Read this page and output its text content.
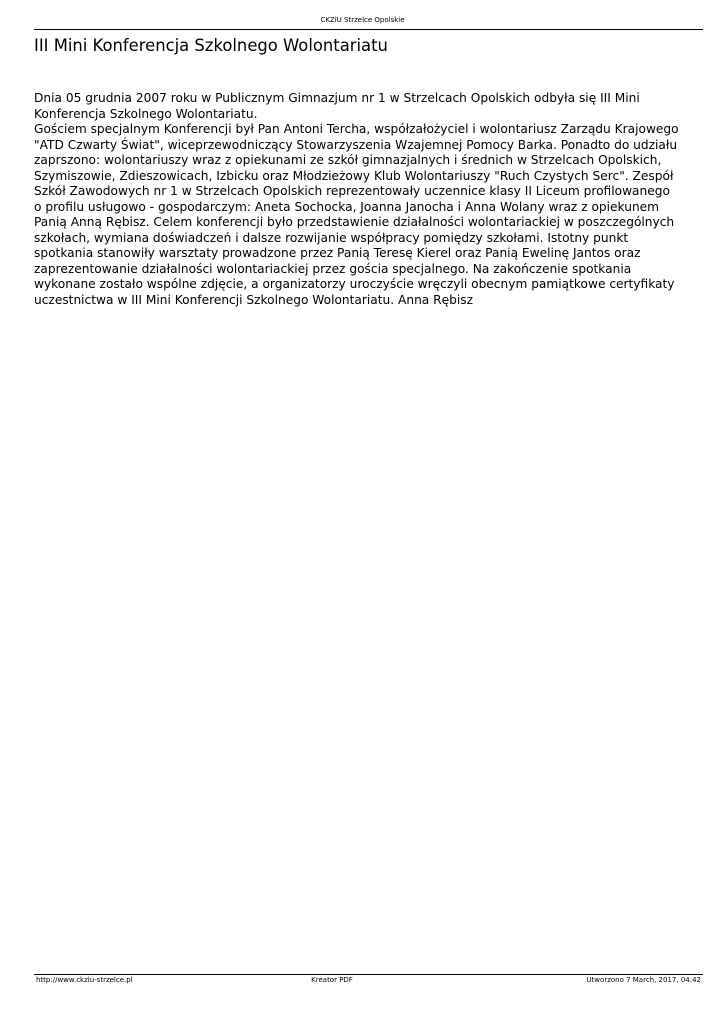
CKZiU Strzelce Opolskie
III Mini Konferencja Szkolnego Wolontariatu
Dnia 05 grudnia 2007 roku w Publicznym Gimnazjum nr 1 w Strzelcach Opolskich odbyła się III Mini
Konferencja Szkolnego Wolontariatu.
Gościem specjalnym Konferencji był Pan Antoni Tercha, współzałożyciel i wolontariusz Zarządu Krajowego
"ATD Czwarty Świat", wiceprzewodniczący Stowarzyszenia Wzajemnej Pomocy Barka. Ponadto do udziału
zaprszono: wolontariuszy wraz z opiekunami ze szkół gimnazjalnych i średnich w Strzelcach Opolskich,
Szymiszowie, Zdieszowicach, Izbicku oraz Młodzieżowy Klub Wolontariuszy "Ruch Czystych Serc". Zespół
Szkół Zawodowych nr 1 w Strzelcach Opolskich reprezentowały uczennice klasy II Liceum profilowanego
o profilu usługowo - gospodarczym: Aneta Sochocka, Joanna Janocha i Anna Wolany wraz z opiekunem
Panią Anną Rębisz. Celem konferencji było przedstawienie działalności wolontariackiej w poszczególnych
szkołach, wymiana doświadczeń i dalsze rozwijanie współpracy pomiędzy szkołami. Istotny punkt
spotkania stanowiły warsztaty prowadzone przez Panią Teresę Kierel oraz Panią Ewelinę Jantos oraz
zaprezentowanie działalności wolontariackiej przez gościa specjalnego. Na zakończenie spotkania
wykonane zostało wspólne zdjęcie, a organizatorzy uroczyście wręczyli obecnym pamiątkowe certyfikaty
uczestnictwa w III Mini Konferencji Szkolnego Wolontariatu. Anna Rębisz
http://www.ckziu-strzelce.pl	Kreator PDF	Utworzono 7 March, 2017, 04:42
